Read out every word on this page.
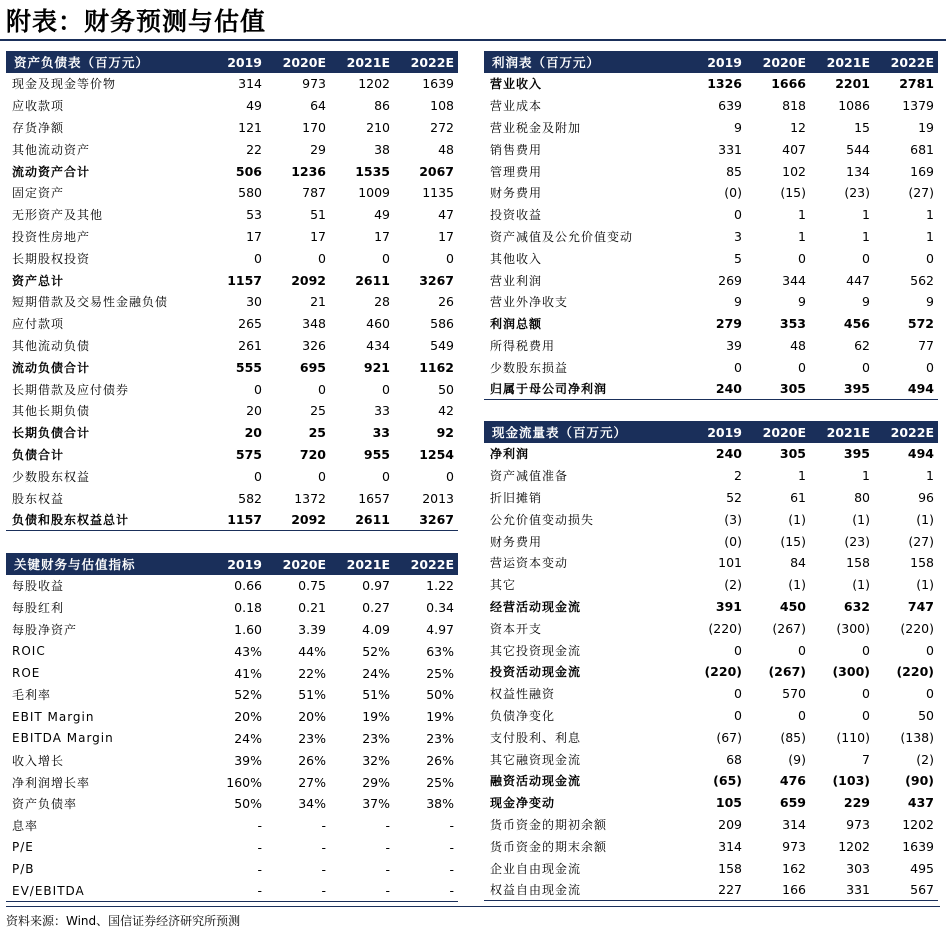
附表：财务预测与估值
资产负债表（百万元）	2019	2020E	2021E	2022E
现金及现金等价物	314	973	1202	1639
应收款项	49	64	86	108
存货净额	121	170	210	272
其他流动资产	22	29	38	48
流动资产合计	506	1236	1535	2067
固定资产	580	787	1009	1135
无形资产及其他	53	51	49	47
投资性房地产	17	17	17	17
长期股权投资	0	0	0	0
资产总计	1157	2092	2611	3267
短期借款及交易性金融负债	30	21	28	26
应付款项	265	348	460	586
其他流动负债	261	326	434	549
流动负债合计	555	695	921	1162
长期借款及应付债券	0	0	0	50
其他长期负债	20	25	33	42
长期负债合计	20	25	33	92
负债合计	575	720	955	1254
少数股东权益	0	0	0	0
股东权益	582	1372	1657	2013
负债和股东权益总计	1157	2092	2611	3267
关键财务与估值指标	2019	2020E	2021E	2022E
每股收益	0.66	0.75	0.97	1.22
每股红利	0.18	0.21	0.27	0.34
每股净资产	1.60	3.39	4.09	4.97
ROIC	43%	44%	52%	63%
ROE	41%	22%	24%	25%
毛利率	52%	51%	51%	50%
EBIT Margin	20%	20%	19%	19%
EBITDA Margin	24%	23%	23%	23%
收入增长	39%	26%	32%	26%
净利润增长率	160%	27%	29%	25%
资产负债率	50%	34%	37%	38%
息率	-	-	-	-
P/E	-	-	-	-
P/B	-	-	-	-
EV/EBITDA	-	-	-	-
利润表（百万元）	2019	2020E	2021E	2022E
营业收入	1326	1666	2201	2781
营业成本	639	818	1086	1379
营业税金及附加	9	12	15	19
销售费用	331	407	544	681
管理费用	85	102	134	169
财务费用	(0)	(15)	(23)	(27)
投资收益	0	1	1	1
资产减值及公允价值变动	3	1	1	1
其他收入	5	0	0	0
营业利润	269	344	447	562
营业外净收支	9	9	9	9
利润总额	279	353	456	572
所得税费用	39	48	62	77
少数股东损益	0	0	0	0
归属于母公司净利润	240	305	395	494
现金流量表（百万元）	2019	2020E	2021E	2022E
净利润	240	305	395	494
资产减值准备	2	1	1	1
折旧摊销	52	61	80	96
公允价值变动损失	(3)	(1)	(1)	(1)
财务费用	(0)	(15)	(23)	(27)
营运资本变动	101	84	158	158
其它	(2)	(1)	(1)	(1)
经营活动现金流	391	450	632	747
资本开支	(220)	(267)	(300)	(220)
其它投资现金流	0	0	0	0
投资活动现金流	(220)	(267)	(300)	(220)
权益性融资	0	570	0	0
负债净变化	0	0	0	50
支付股利、利息	(67)	(85)	(110)	(138)
其它融资现金流	68	(9)	7	(2)
融资活动现金流	(65)	476	(103)	(90)
现金净变动	105	659	229	437
货币资金的期初余额	209	314	973	1202
货币资金的期末余额	314	973	1202	1639
企业自由现金流	158	162	303	495
权益自由现金流	227	166	331	567
资料来源：Wind、国信证券经济研究所预测
